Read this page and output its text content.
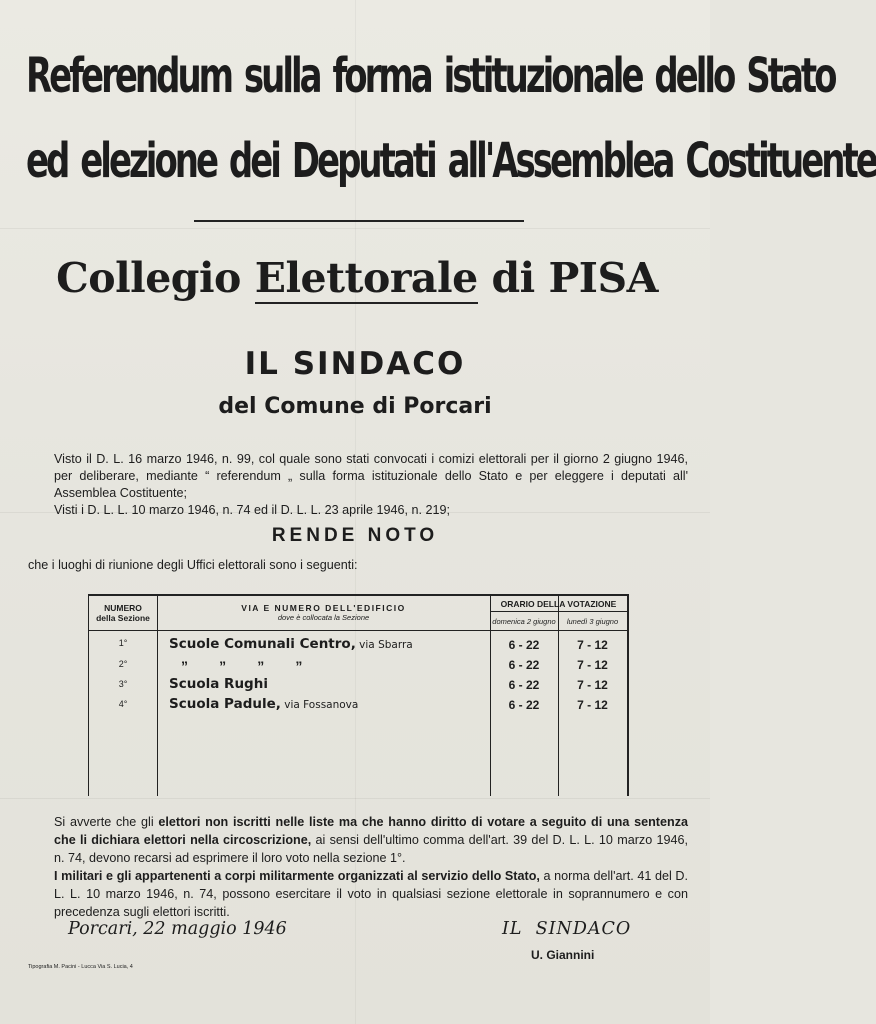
Referendum sulla forma istituzionale dello Stato
ed elezione dei Deputati all'Assemblea Costituente
Collegio Elettorale di PISA
IL SINDACO
del Comune di Porcari
Visto il D. L. 16 marzo 1946, n. 99, col quale sono stati convocati i comizi elettorali per il giorno 2 giugno 1946, per deliberare, mediante “ referendum „ sulla forma istituzionale dello Stato e per eleggere i deputati all' Assemblea Costituente;
Visti i D. L. L. 10 marzo 1946, n. 74 ed il D. L. L. 23 aprile 1946, n. 219;
RENDE NOTO
che i luoghi di riunione degli Uffici elettorali sono i seguenti:
NUMERO
della Sezione
VIA E NUMERO DELL'EDIFICIO
dove è collocata la Sezione
ORARIO DELLA VOTAZIONE
domenica 2 giugno	lunedì 3 giugno
1°	Scuole Comunali Centro, via Sbarra	6 - 22	7 - 12
2°	”        ”        ”        ”	6 - 22	7 - 12
3°	Scuola Rughi	6 - 22	7 - 12
4°	Scuola Padule, via Fossanova	6 - 22	7 - 12
Si avverte che gli elettori non iscritti nelle liste ma che hanno diritto di votare a seguito di una sentenza che li dichiara elettori nella circoscrizione, ai sensi dell'ultimo comma dell'art. 39 del D. L. L. 10 marzo 1946, n. 74, devono recarsi ad esprimere il loro voto nella sezione 1°.
I militari e gli appartenenti a corpi militarmente organizzati al servizio dello Stato, a norma dell'art. 41 del D. L. L. 10 marzo 1946, n. 74, possono esercitare il voto in qualsiasi sezione elettorale in soprannumero e con precedenza sugli elettori iscritti.
Porcari, 22 maggio 1946	IL  SINDACO
U. Giannini
Tipografia M. Pacini - Lucca Via S. Lucia, 4
